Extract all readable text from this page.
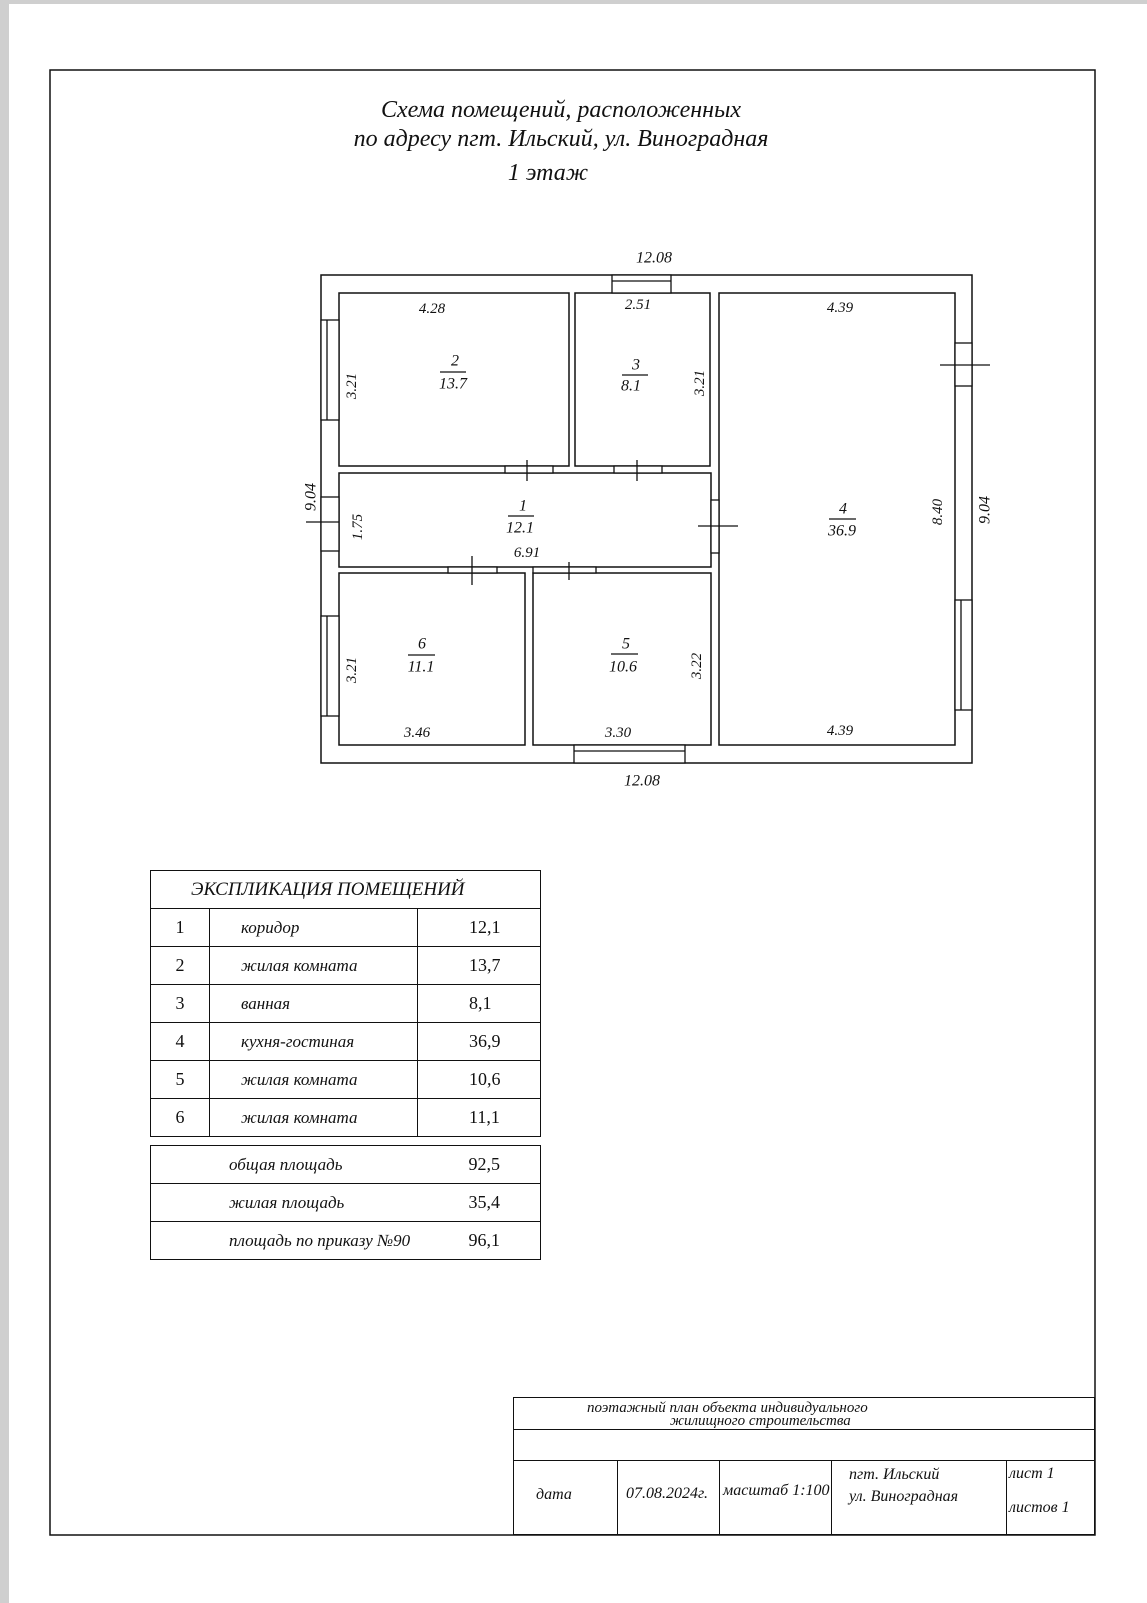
Схема помещений, расположенных
по адресу пгт. Ильский, ул. Виноградная
1 этаж
12.08
12.08
9.04	9.04
1
12.1
1.75
6.91
2
13.7
4.28
3.21
3
8.1
2.51
3.21
4
36.9
4.39
4.39
8.40
5
10.6
3.30
3.22
6
11.1
3.46
3.21
ЭКСПЛИКАЦИЯ ПОМЕЩЕНИЙ		
1	коридор	12,1
2	жилая комната	13,7
3	ванная	8,1
4	кухня-гостиная	36,9
5	жилая комната	10,6
6	жилая комната	11,1
общая площадь	92,5
жилая площадь	35,4
площадь по приказу №90	96,1
поэтажный план объекта индивидуального
жилищного строительства
дата	07.08.2024г. масштаб 1:100
пгт. Ильский
ул. Виноградная
лист 1
листов 1
